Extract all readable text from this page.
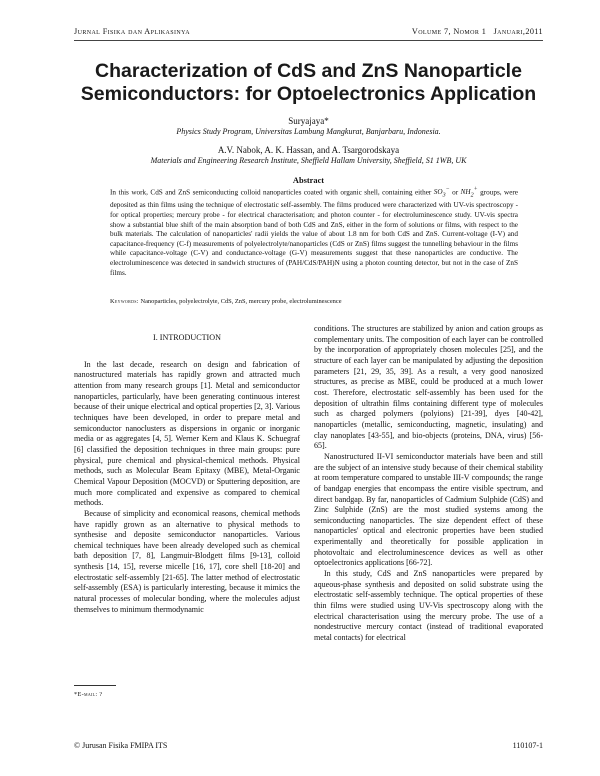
Jurnal Fisika dan Aplikasinya	Volume 7, Nomor 1 Januari,2011
Characterization of CdS and ZnS Nanoparticle Semiconductors: for Optoelectronics Application
Suryajaya*
Physics Study Program, Universitas Lambung Mangkurat, Banjarbaru, Indonesia.
A.V. Nabok, A. K. Hassan, and A. Tsargorodskaya
Materials and Engineering Research Institute, Sheffield Hallam University, Sheffield, S1 1WB, UK
Abstract

In this work, CdS and ZnS semiconducting colloid nanoparticles coated with organic shell, containing either $SO_3^-$ or $NH_2^+$ groups, were deposited as thin films using the technique of electrostatic self-assembly. The films produced were characterized with UV-vis spectroscopy - for optical properties; mercury probe - for electrical characterisation; and photon counter - for electroluminescence study. UV-vis spectra show a substantial blue shift of the main absorption band of both CdS and ZnS, either in the form of solutions or films, with respect to the bulk materials. The calculation of nanoparticles' radii yields the value of about 1.8 nm for both CdS and ZnS. Current-voltage (I-V) and capacitance-frequency (C-f) measurements of polyelectrolyte/nanoparticles (CdS or ZnS) films suggest the tunnelling behaviour in the films while capacitance-voltage (C-V) and conductance-voltage (G-V) measurements suggest that these nanoparticles are conductive. The electroluminescence was detected in sandwich structures of (PAH/CdS/PAH)N using a photon counting detector, but not in the case of ZnS films.

Keywords: Nanoparticles, polyelectrolyte, CdS, ZnS, mercury probe, electroluminescence
I. INTRODUCTION

In the last decade, research on design and fabrication of nanostructured materials has rapidly grown and attracted much attention from many research groups [1]. Metal and semiconductor nanoparticles, particularly, have been generating continuous interest because of their unique electrical and optical properties [2, 3]. Various techniques have been developed, in order to prepare metal and semiconductor nanoclusters as dispersions in organic or inorganic media or as aggregates [4, 5]. Werner Kern and Klaus K. Schuegraf [6] classified the deposition techniques in three main groups: pure physical, pure chemical and physical-chemical methods. Physical methods, such as Molecular Beam Epitaxy (MBE), Metal-Organic Chemical Vapour Deposition (MOCVD) or Sputtering deposition, are much more complicated and expensive as compared to chemical methods.

Because of simplicity and economical reasons, chemical methods have rapidly grown as an alternative to physical methods to synthesise and deposite semiconductor nanoparticles. Various chemical techniques have been already developed such as chemical bath deposition [7, 8], Langmuir-Blodgett films [9-13], colloid synthesis [14, 15], reverse micelle [16, 17], core shell [18-20] and electrostatic self-assembly [21-65]. The latter method of electrostatic self-assembly (ESA) is particularly interesting, because it mimics the natural processes of molecular bonding, where the molecules adjust themselves to minimum thermodynamic

conditions. The structures are stabilized by anion and cation groups as complementary units. The composition of each layer can be controlled by the incorporation of appropriately chosen molecules [25], and the structure of each layer can be manipulated by adjusting the deposition parameters [21, 29, 35, 39]. As a result, a very good nanosized structures, as precise as MBE, could be produced at a much lower cost. Therefore, electrostatic self-assembly has been used for the deposition of ultrathin films containing different type of molecules such as charged polymers (polyions) [21-39], dyes [40-42], nanoparticles (metallic, semiconducting, magnetic, insulating) and clay nanoplates [43-55], and bio-objects (proteins, DNA, virus) [56-65].

Nanostructured II-VI semiconductor materials have been and still are the subject of an intensive study because of their chemical stability at room temperature compared to unstable III-V compounds; the range of bandgap energies that encompass the entire visible spectrum, and direct bandgap. By far, nanoparticles of Cadmium Sulphide (CdS) and Zinc Sulphide (ZnS) are the most studied systems among the semiconducting nanoparticles. The size dependent effect of these nanoparticles' optical and electronic properties have been studied experimentally and theoretically for possible application in photovoltaic and electroluminescence devices as well as other optoelectronics applications [66-72].

In this study, CdS and ZnS nanoparticles were prepared by aqueous-phase synthesis and deposited on solid substrate using the electrostatic self-assembly technique. The optical properties of these thin films were studied using UV-Vis spectroscopy along with the electrical characterisation using the mercury probe. The use of a nondestructive mercury contact (instead of traditional evaporated metal contacts) for electrical

*E-mail: ?
© Jurusan Fisika FMIPA ITS	110107-1
